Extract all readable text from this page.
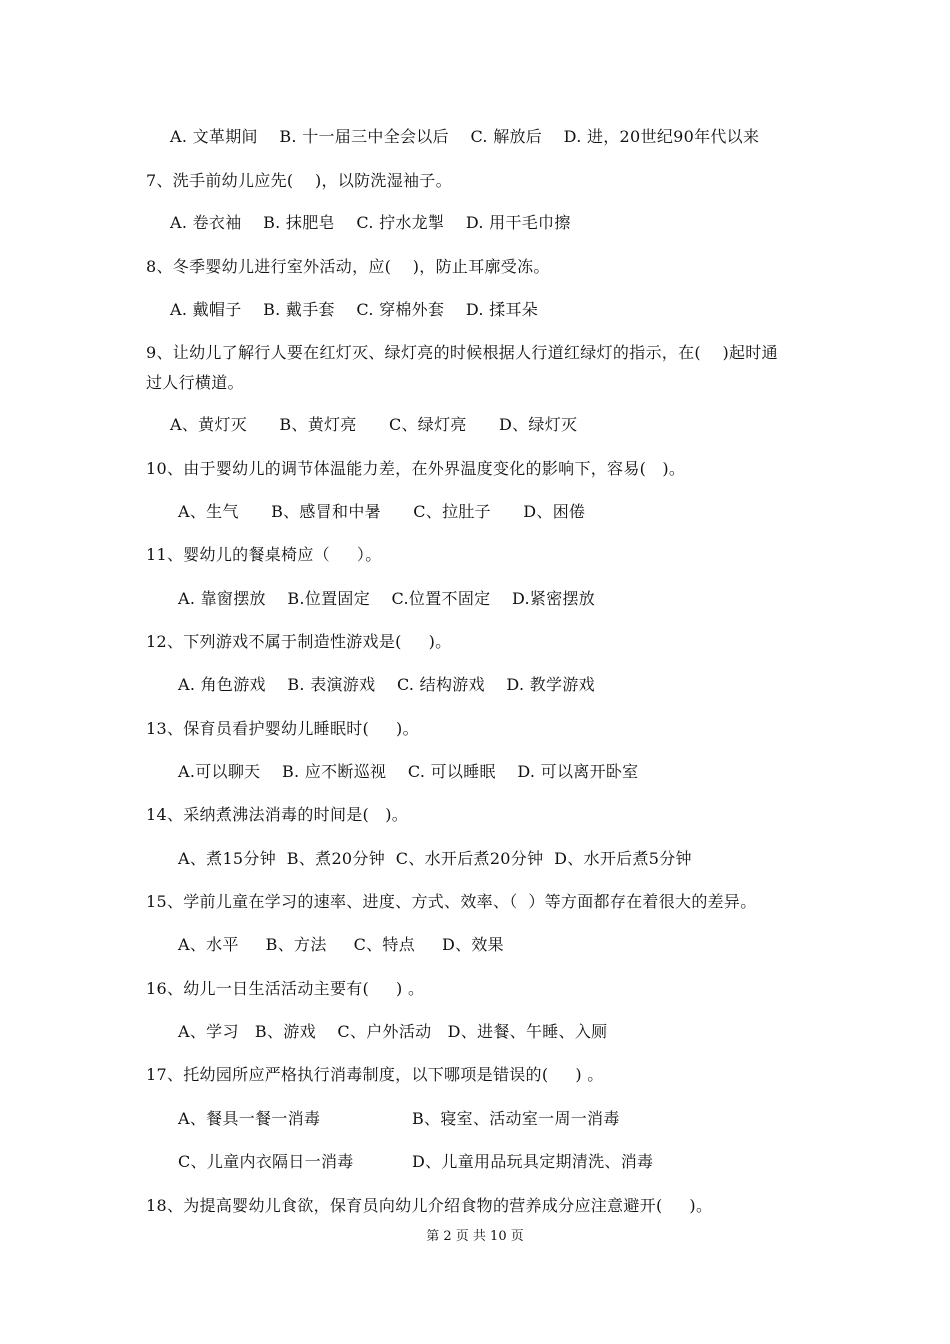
A. 文革期间    B. 十一届三中全会以后    C. 解放后    D. 进，20世纪90年代以来
7、洗手前幼儿应先(    )，以防洗湿袖子。
A. 卷衣袖    B. 抹肥皂    C. 拧水龙掣    D. 用干毛巾擦
8、冬季婴幼儿进行室外活动，应(    )，防止耳廓受冻。
A. 戴帽子    B. 戴手套    C. 穿棉外套    D. 揉耳朵
9、让幼儿了解行人要在红灯灭、绿灯亮的时候根据人行道红绿灯的指示，在(    )起时通
过人行横道。
A、黄灯灭      B、黄灯亮      C、绿灯亮      D、绿灯灭
10、由于婴幼儿的调节体温能力差，在外界温度变化的影响下，容易(   )。
A、生气      B、感冒和中暑      C、拉肚子      D、困倦
11、婴幼儿的餐桌椅应（     ）。
A. 靠窗摆放    B.位置固定    C.位置不固定    D.紧密摆放
12、下列游戏不属于制造性游戏是(     )。
A. 角色游戏    B. 表演游戏    C. 结构游戏    D. 教学游戏
13、保育员看护婴幼儿睡眠时(     )。
A.可以聊天    B. 应不断巡视    C. 可以睡眠    D. 可以离开卧室
14、采纳煮沸法消毒的时间是(   )。
A、煮15分钟  B、煮20分钟  C、水开后煮20分钟  D、水开后煮5分钟
15、学前儿童在学习的速率、进度、方式、效率、（  ）等方面都存在着很大的差异。
A、水平     B、方法     C、特点     D、效果
16、幼儿一日生活活动主要有(     ) 。
A、学习   B、游戏    C、户外活动   D、进餐、午睡、入厕
17、托幼园所应严格执行消毒制度，以下哪项是错误的(     ) 。
A、餐具一餐一消毒	B、寝室、活动室一周一消毒
C、儿童内衣隔日一消毒	D、儿童用品玩具定期清洗、消毒
18、为提高婴幼儿食欲，保育员向幼儿介绍食物的营养成分应注意避开(     )。
第 2 页 共 10 页
